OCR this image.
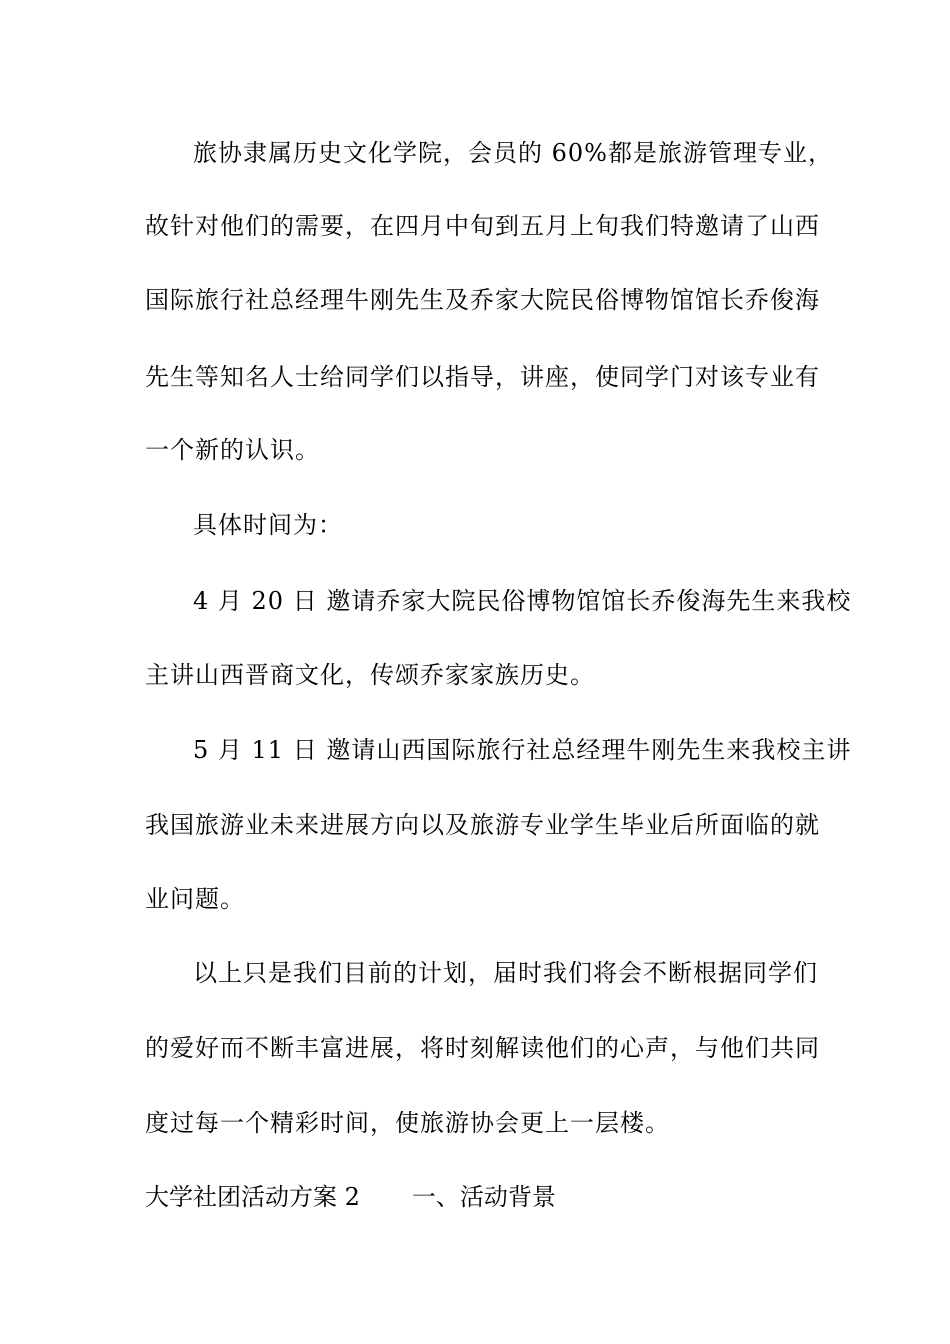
旅协隶属历史文化学院，会员的 60%都是旅游管理专业，
故针对他们的需要，在四月中旬到五月上旬我们特邀请了山西
国际旅行社总经理牛刚先生及乔家大院民俗博物馆馆长乔俊海
先生等知名人士给同学们以指导，讲座，使同学门对该专业有
一个新的认识。
具体时间为：
4 月 20 日 邀请乔家大院民俗博物馆馆长乔俊海先生来我校
主讲山西晋商文化，传颂乔家家族历史。
5 月 11 日 邀请山西国际旅行社总经理牛刚先生来我校主讲
我国旅游业未来进展方向以及旅游专业学生毕业后所面临的就
业问题。
以上只是我们目前的计划，届时我们将会不断根据同学们
的爱好而不断丰富进展，将时刻解读他们的心声，与他们共同
度过每一个精彩时间，使旅游协会更上一层楼。
大学社团活动方案 2 一、活动背景
